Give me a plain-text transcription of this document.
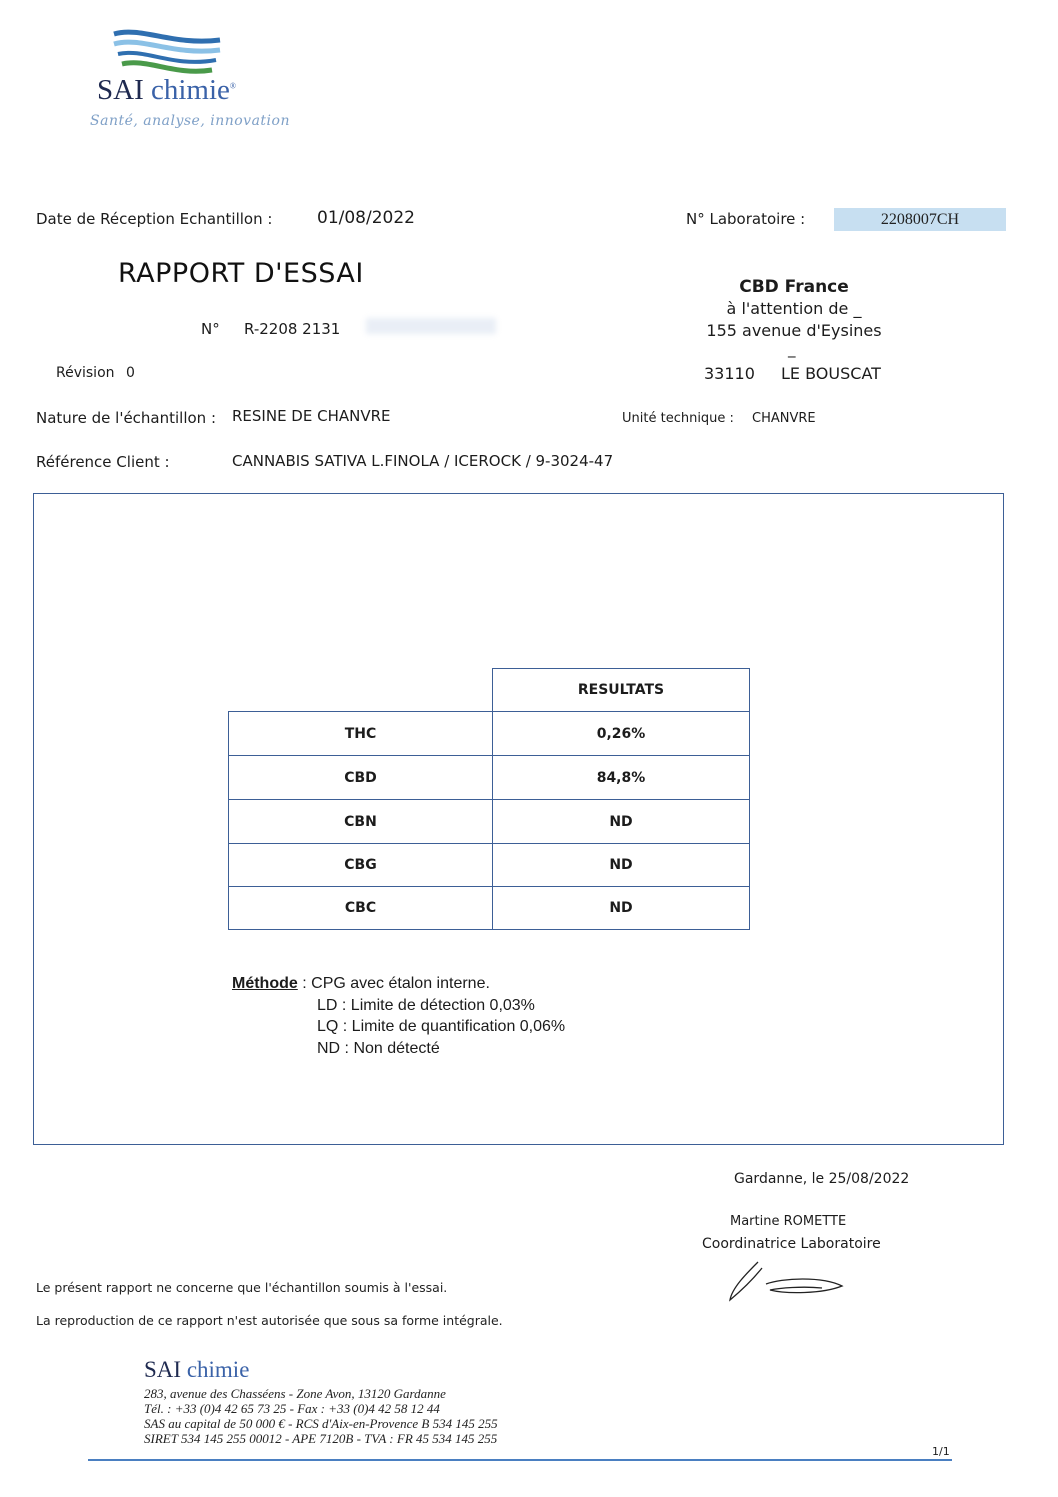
SAI chimie®
Santé, analyse, innovation
Date de Réception Echantillon :	01/08/2022	N° Laboratoire :	2208007CH
RAPPORT D'ESSAI
N° R-2208 2131
Révision 0
CBD France
à l'attention de _
155 avenue d'Eysines
_
33110 LE BOUSCAT
Nature de l'échantillon : RESINE DE CHANVRE	Unité technique : CHANVRE
Référence Client :	CANNABIS SATIVA L.FINOLA / ICEROCK / 9-3024-47
	RESULTATS
THC	0,26%
CBD	84,8%
CBN	ND
CBG	ND
CBC	ND
Méthode : CPG avec étalon interne.
LD : Limite de détection 0,03%
LQ : Limite de quantification 0,06%
ND : Non détecté
Gardanne, le 25/08/2022
Martine ROMETTE
Coordinatrice Laboratoire
Le présent rapport ne concerne que l'échantillon soumis à l'essai.
La reproduction de ce rapport n'est autorisée que sous sa forme intégrale.
SAI chimie
283, avenue des Chasséens - Zone Avon, 13120 Gardanne
Tél. : +33 (0)4 42 65 73 25 - Fax : +33 (0)4 42 58 12 44
SAS au capital de 50 000 € - RCS d'Aix-en-Provence B 534 145 255
SIRET 534 145 255 00012 - APE 7120B - TVA : FR 45 534 145 255
1/1
